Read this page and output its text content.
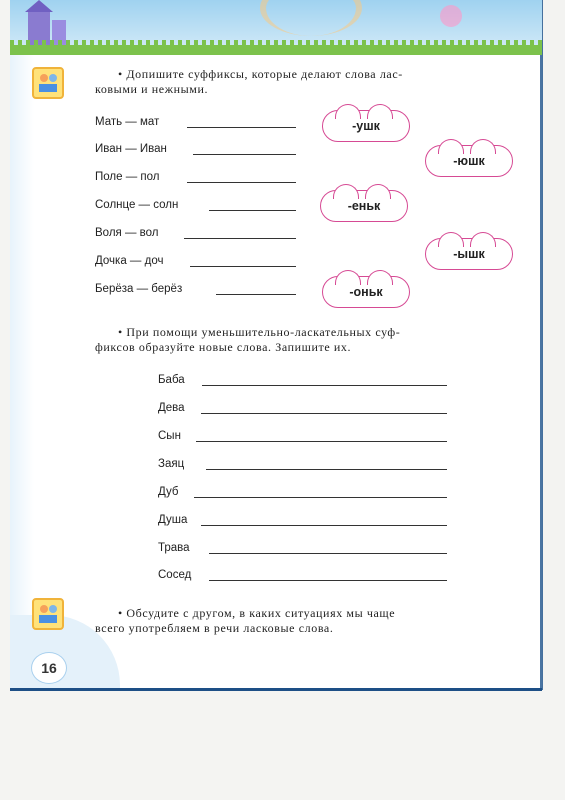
• Допишите суффиксы, которые делают слова лас-
ковыми и нежными.
Мать — мат
Иван — Иван
Поле — пол
Солнце — солн
Воля — вол
Дочка — доч
Берёза — берёз
-ушк
-юшк
-еньк
-ышк
-оньк
• При помощи уменьшительно-ласкательных суф-
фиксов образуйте новые слова. Запишите их.
Баба
Дева
Сын
Заяц
Дуб
Душа
Трава
Сосед
• Обсудите с другом, в каких ситуациях мы чаще
всего употребляем в речи ласковые слова.
16
